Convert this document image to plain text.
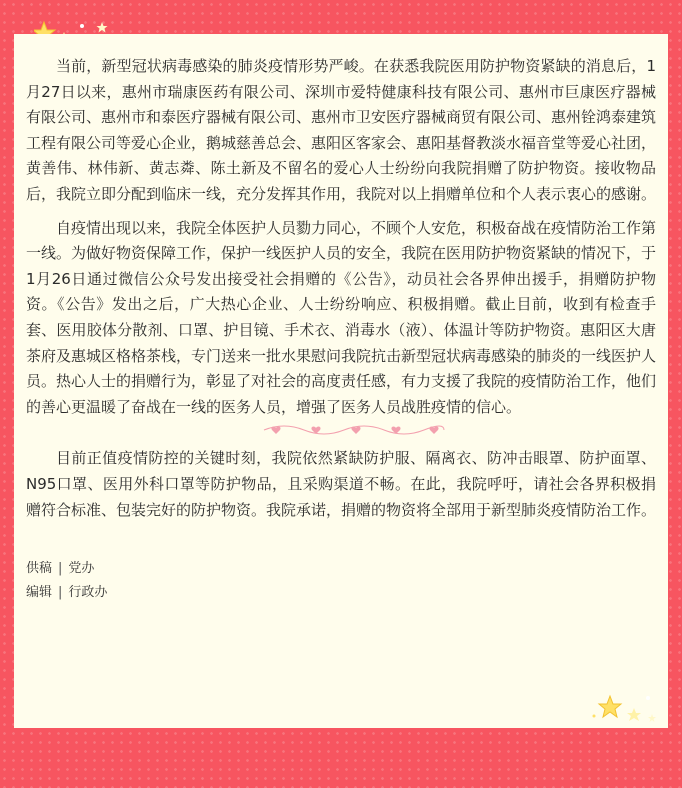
当前，新型冠状病毒感染的肺炎疫情形势严峻。在获悉我院医用防护物资紧缺的消息后，1月27日以来，惠州市瑞康医药有限公司、深圳市爱特健康科技有限公司、惠州市巨康医疗器械有限公司、惠州市和泰医疗器械有限公司、惠州市卫安医疗器械商贸有限公司、惠州铨鸿泰建筑工程有限公司等爱心企业，鹅城慈善总会、惠阳区客家会、惠阳基督教淡水福音堂等爱心社团，黄善伟、林伟新、黄志粦、陈土新及不留名的爱心人士纷纷向我院捐赠了防护物资。接收物品后，我院立即分配到临床一线，充分发挥其作用，我院对以上捐赠单位和个人表示衷心的感谢。

自疫情出现以来，我院全体医护人员勠力同心，不顾个人安危，积极奋战在疫情防治工作第一线。为做好物资保障工作，保护一线医护人员的安全，我院在医用防护物资紧缺的情况下，于1月26日通过微信公众号发出接受社会捐赠的《公告》，动员社会各界伸出援手，捐赠防护物资。《公告》发出之后，广大热心企业、人士纷纷响应、积极捐赠。截止目前，收到有检查手套、医用胶体分散剂、口罩、护目镜、手术衣、消毒水（液）、体温计等防护物资。惠阳区大唐茶府及惠城区格格茶栈，专门送来一批水果慰问我院抗击新型冠状病毒感染的肺炎的一线医护人员。热心人士的捐赠行为，彰显了对社会的高度责任感，有力支援了我院的疫情防治工作，他们的善心更温暖了奋战在一线的医务人员，增强了医务人员战胜疫情的信心。

目前正值疫情防控的关键时刻，我院依然紧缺防护服、隔离衣、防冲击眼罩、防护面罩、N95口罩、医用外科口罩等防护物品，且采购渠道不畅。在此，我院呼吁，请社会各界积极捐赠符合标准、包装完好的防护物资。我院承诺，捐赠的物资将全部用于新型肺炎疫情防治工作。

供稿 | 党办
编辑 | 行政办
